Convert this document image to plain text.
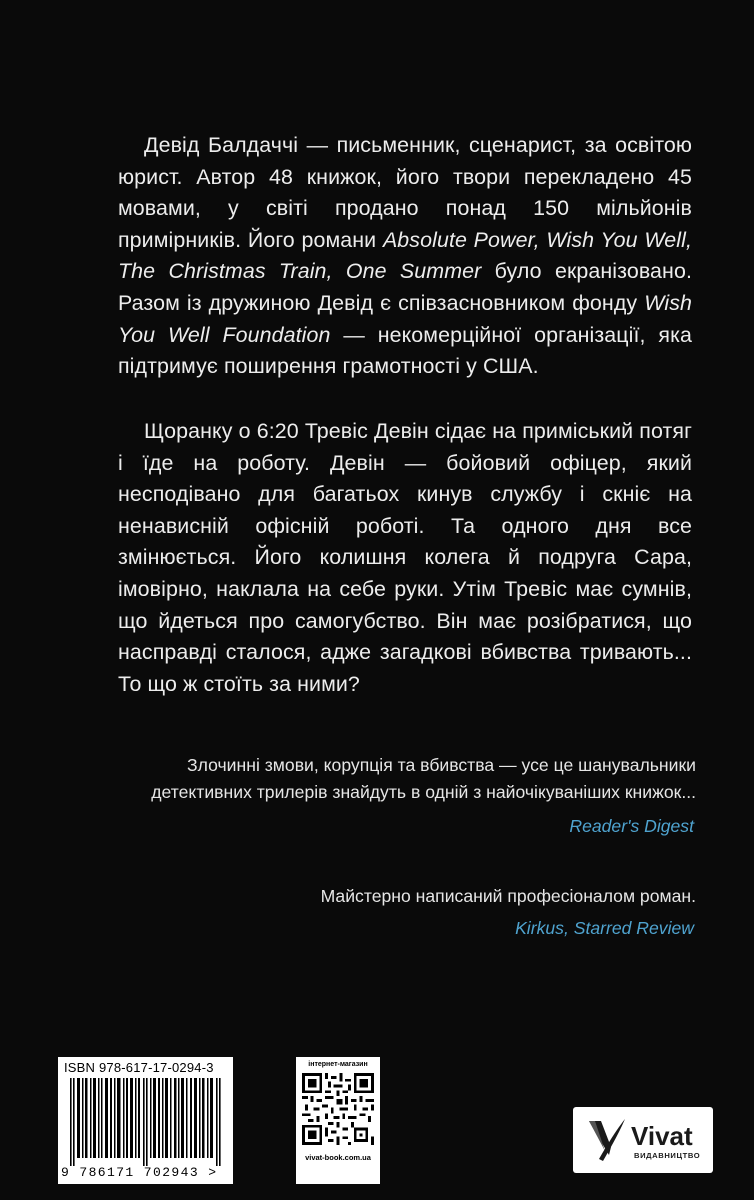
Девід Балдаччі — письменник, сценарист, за освітою юрист. Автор 48 книжок, його твори перекладено 45 мовами, у світі продано понад 150 мільйонів примірників. Його романи Absolute Power, Wish You Well, The Christmas Train, One Summer було екранізовано. Разом із дружиною Девід є співзасновником фонду Wish You Well Foundation — некомерційної організації, яка підтримує поширення грамотності у США.

Щоранку о 6:20 Тревіс Девін сідає на приміський потяг і їде на роботу. Девін — бойовий офіцер, який несподівано для багатьох кинув службу і скніє на ненависній офісній роботі. Та одного дня все змінюється. Його колишня колега й подруга Сара, імовірно, наклала на себе руки. Утім Тревіс має сумнів, що йдеться про самогубство. Він має розібратися, що насправді сталося, адже загадкові вбивства тривають... То що ж стоїть за ними?

Злочинні змови, корупція та вбивства — усе це шанувальники детективних трилерів знайдуть в одній з найочікуваніших книжок...

Reader's Digest

Майстерно написаний професіоналом роман.

Kirkus, Starred Review
ISBN 978-617-17-0294-3
9 786171 702943 >
інтернет-магазин
vivat-book.com.ua
Vivat
ВИДАВНИЦТВО
